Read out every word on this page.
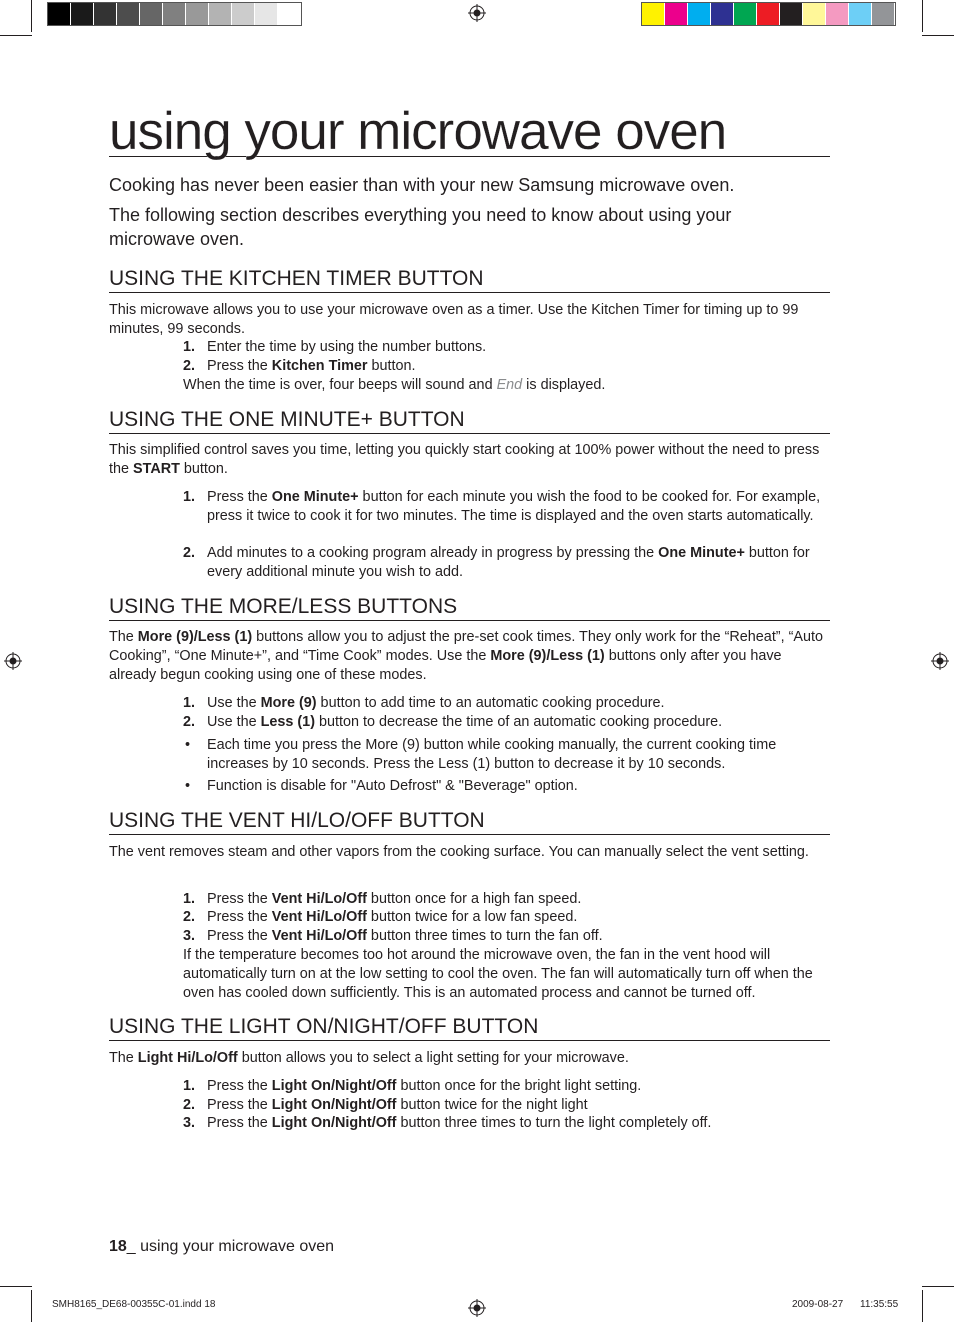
using your microwave oven
Cooking has never been easier than with your new Samsung microwave oven.
The following section describes everything you need to know about using your microwave oven.
USING THE KITCHEN TIMER BUTTON
This microwave allows you to use your microwave oven as a timer. Use the Kitchen Timer for timing up to 99 minutes, 99 seconds.
1. Enter the time by using the number buttons.
2. Press the Kitchen Timer button.
When the time is over, four beeps will sound and End is displayed.
USING THE ONE MINUTE+ BUTTON
This simplified control saves you time, letting you quickly start cooking at 100% power without the need to press the START button.
1. Press the One Minute+ button for each minute you wish the food to be cooked for. For example, press it twice to cook it for two minutes. The time is displayed and the oven starts automatically.
2. Add minutes to a cooking program already in progress by pressing the One Minute+ button for every additional minute you wish to add.
USING THE MORE/LESS BUTTONS
The More (9)/Less (1) buttons allow you to adjust the pre-set cook times. They only work for the “Reheat”, “Auto Cooking”, “One Minute+”, and “Time Cook” modes. Use the More (9)/Less (1) buttons only after you have already begun cooking using one of these modes.
1. Use the More (9) button to add time to an automatic cooking procedure.
2. Use the Less (1) button to decrease the time of an automatic cooking procedure.
• Each time you press the More (9) button while cooking manually, the current cooking time increases by 10 seconds. Press the Less (1) button to decrease it by 10 seconds.
• Function is disable for "Auto Defrost" & "Beverage" option.
USING THE VENT HI/LO/OFF BUTTON
The vent removes steam and other vapors from the cooking surface. You can manually select the vent setting.
1. Press the Vent Hi/Lo/Off button once for a high fan speed.
2. Press the Vent Hi/Lo/Off button twice for a low fan speed.
3. Press the Vent Hi/Lo/Off button three times to turn the fan off.
If the temperature becomes too hot around the microwave oven, the fan in the vent hood will automatically turn on at the low setting to cool the oven. The fan will automatically turn off when the oven has cooled down sufficiently. This is an automated process and cannot be turned off.
USING THE LIGHT ON/NIGHT/OFF BUTTON
The Light Hi/Lo/Off button allows you to select a light setting for your microwave.
1. Press the Light On/Night/Off button once for the bright light setting.
2. Press the Light On/Night/Off button twice for the night light
3. Press the Light On/Night/Off button three times to turn the light completely off.
18_ using your microwave oven
SMH8165_DE68-00355C-01.indd 18	2009-08-27 11:35:55
